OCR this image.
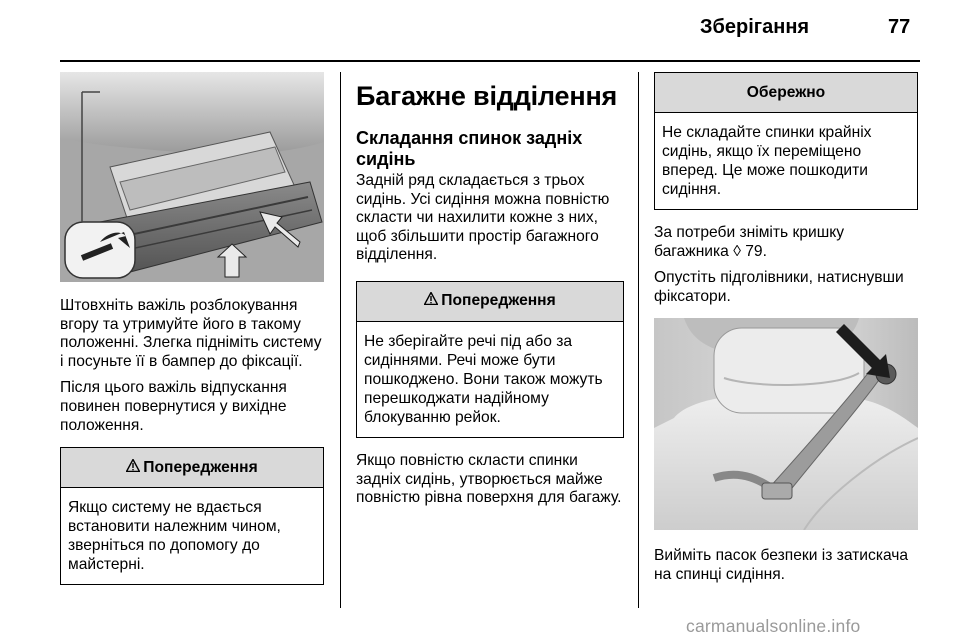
Зберігання	77

Штовхніть важіль розблокування вгору та утримуйте його в такому положенні. Злегка підніміть систему і посуньте її в бампер до фіксації.

Після цього важіль відпускання повинен повернутися у вихідне положення.

Попередження

Якщо систему не вдається встановити належним чином, зверніться по допомогу до майстерні.

Багажне відділення
Складання спинок задніх сидінь

Задній ряд складається з трьох сидінь. Усі сидіння можна повністю скласти чи нахилити кожне з них, щоб збільшити простір багажного відділення.

Попередження

Не зберігайте речі під або за сидіннями. Речі може бути пошкоджено. Вони також можуть перешкоджати надійному блокуванню рейок.

Якщо повністю скласти спинки задніх сидінь, утворюється майже повністю рівна поверхня для багажу.

Обережно

Не складайте спинки крайніх сидінь, якщо їх переміщено вперед. Це може пошкодити сидіння.

За потреби зніміть кришку багажника ◊ 79.

Опустіть підголівники, натиснувши фіксатори.

Вийміть пасок безпеки із затискача на спинці сидіння.

carmanualsonline.info
